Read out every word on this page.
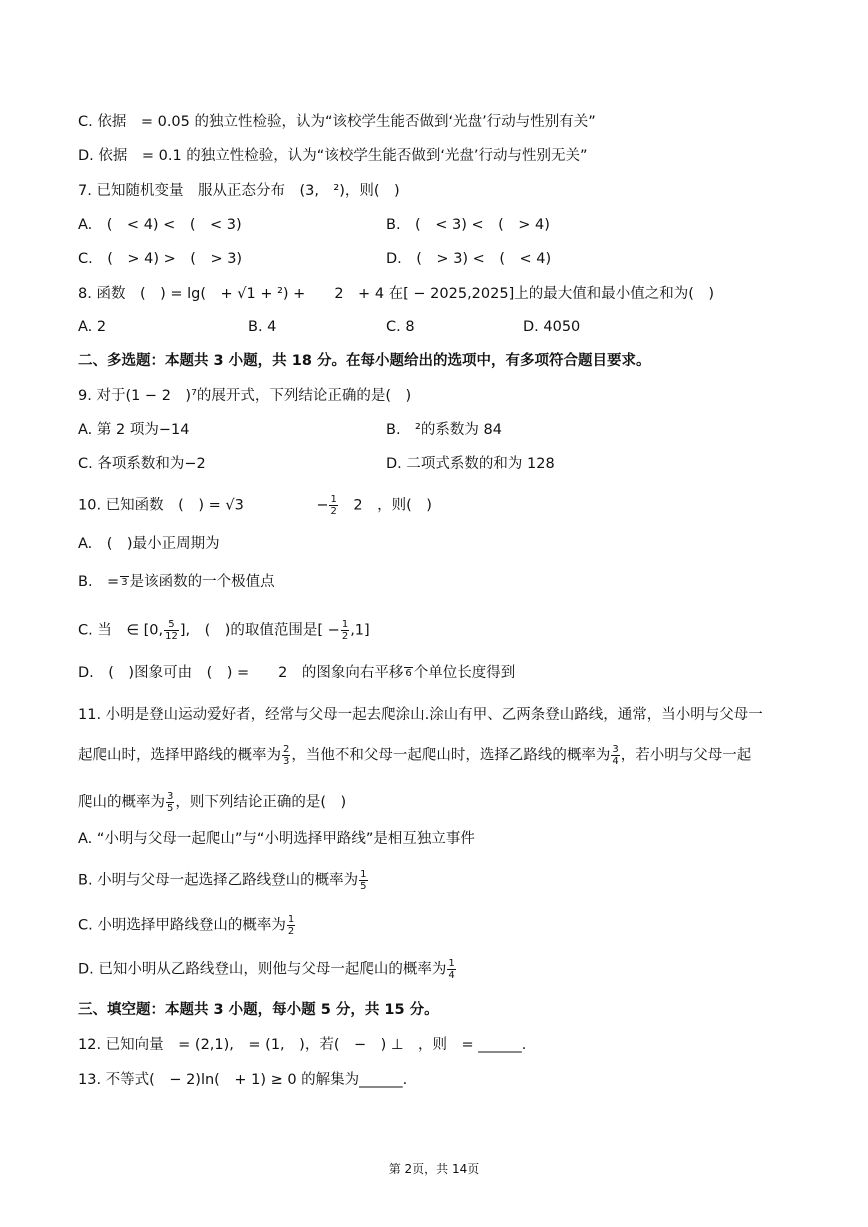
C. 依据　= 0.05 的独立性检验，认为“该校学生能否做到‘光盘’行动与性别有关”
D. 依据　= 0.1 的独立性检验，认为“该校学生能否做到‘光盘’行动与性别无关”
7. 已知随机变量　服从正态分布　(3,　²)，则(　)
A.　(　< 4) <　(　< 3)	B.　(　< 3) <　(　> 4)
C.　(　> 4) >　(　> 3)	D.　(　> 3) <　(　< 4)
8. 函数　(　) = lg(　+ √1 + ²) +　　2　+ 4 在[ − 2025,2025]上的最大值和最小值之和为(　)
A. 2	B. 4	C. 8	D. 4050
二、多选题：本题共 3 小题，共 18 分。在每小题给出的选项中，有多项符合题目要求。
9. 对于(1 − 2　)⁷的展开式，下列结论正确的是(　)
A. 第 2 项为−14	B.　²的系数为 84
C. 各项系数和为−2	D. 二项式系数的和为 128
10. 已知函数　(　) = √3　　　　　− $\frac{1}{2}$ 　2　，则(　)
A.　(　)最小正周期为
B.　= 3 是该函数的一个极值点
C. 当　∈ [0, $\frac{5}{12}$ ],　(　)的取值范围是[ − $\frac{1}{2} ,1$]
D.　(　)图象可由　(　) =　　2　的图象向右平移 6 个单位长度得到
11. 小明是登山运动爱好者，经常与父母一起去爬涂山.涂山有甲、乙两条登山路线，通常，当小明与父母一
起爬山时，选择甲路线的概率为 $\frac{2}{3}$ ，当他不和父母一起爬山时，选择乙路线的概率为 $\frac{3}{4}$ ，若小明与父母一起
爬山的概率为 $\frac{3}{5}$ ，则下列结论正确的是(　)
A. “小明与父母一起爬山”与“小明选择甲路线”是相互独立事件
B. 小明与父母一起选择乙路线登山的概率为 $\frac{1}{5}$
C. 小明选择甲路线登山的概率为 $\frac{1}{2}$
D. 已知小明从乙路线登山，则他与父母一起爬山的概率为 $\frac{1}{4}$
三、填空题：本题共 3 小题，每小题 5 分，共 15 分。
12. 已知向量　= (2,1),　= (1,　)，若(　−　) ⊥　，则　= ______.
13. 不等式(　− 2)ln(　+ 1) ≥ 0 的解集为______.
第 2页，共 14页
